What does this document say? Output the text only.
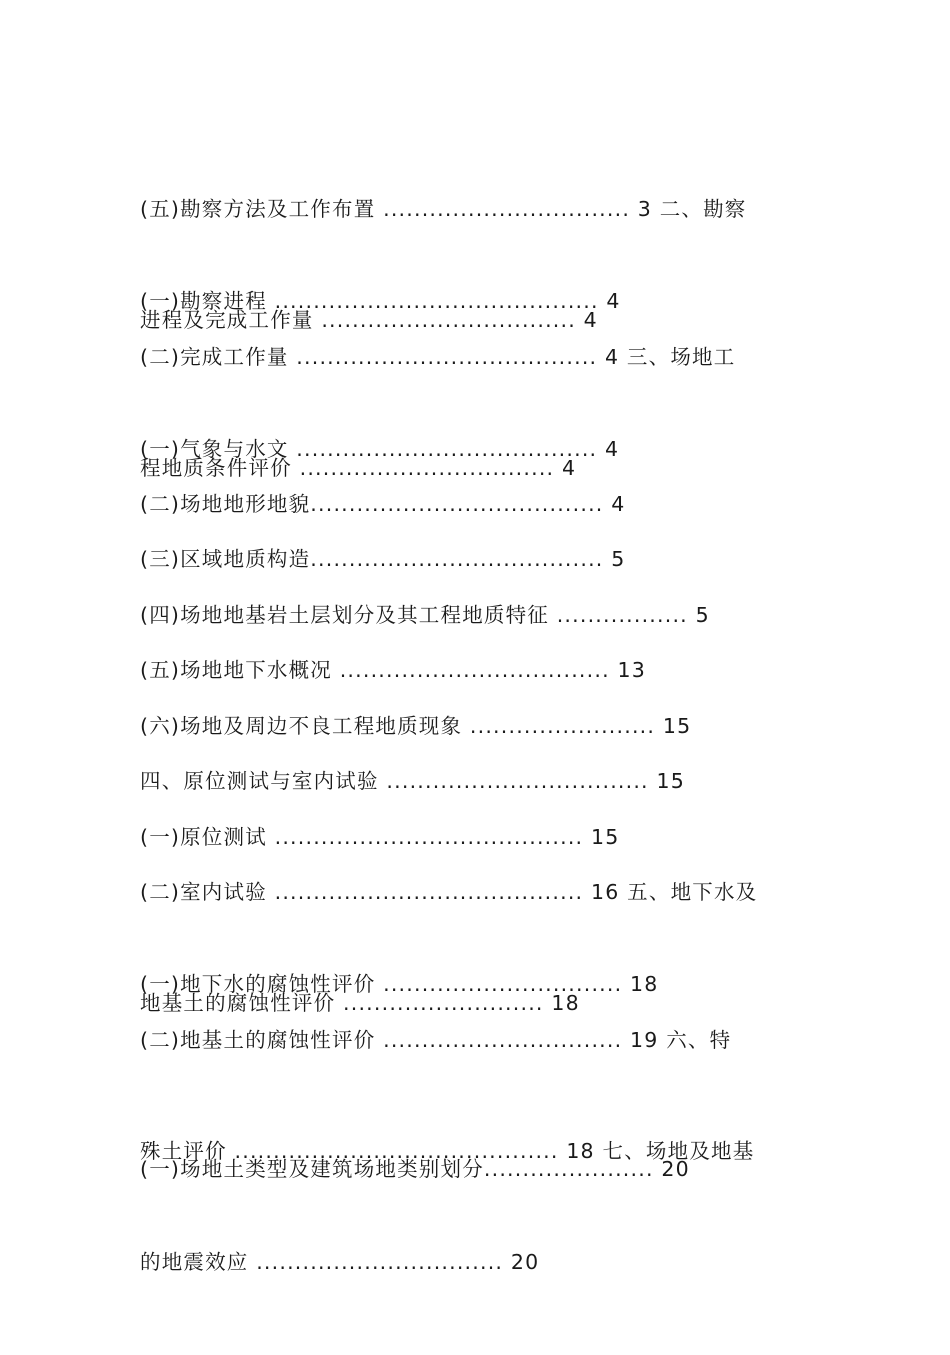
(五)勘察方法及工作布置 ................................ 3 二、勘察

进程及完成工作量 ................................. 4

(一)勘察进程 .......................................... 4

(二)完成工作量 ....................................... 4 三、场地工

程地质条件评价 ................................. 4

(一)气象与水文 ....................................... 4

(二)场地地形地貌...................................... 4

(三)区域地质构造...................................... 5

(四)场地地基岩土层划分及其工程地质特征 ................. 5

(五)场地地下水概况 ................................... 13

(六)场地及周边不良工程地质现象 ........................ 15

四、原位测试与室内试验 .................................. 15

(一)原位测试 ........................................ 15

(二)室内试验 ........................................ 16 五、地下水及

地基土的腐蚀性评价 .......................... 18

(一)地下水的腐蚀性评价 ............................... 18

(二)地基土的腐蚀性评价 ............................... 19 六、特

殊土评价 .......................................... 18 七、场地及地基

的地震效应 ................................ 20

(一)场地土类型及建筑场地类别划分...................... 20
